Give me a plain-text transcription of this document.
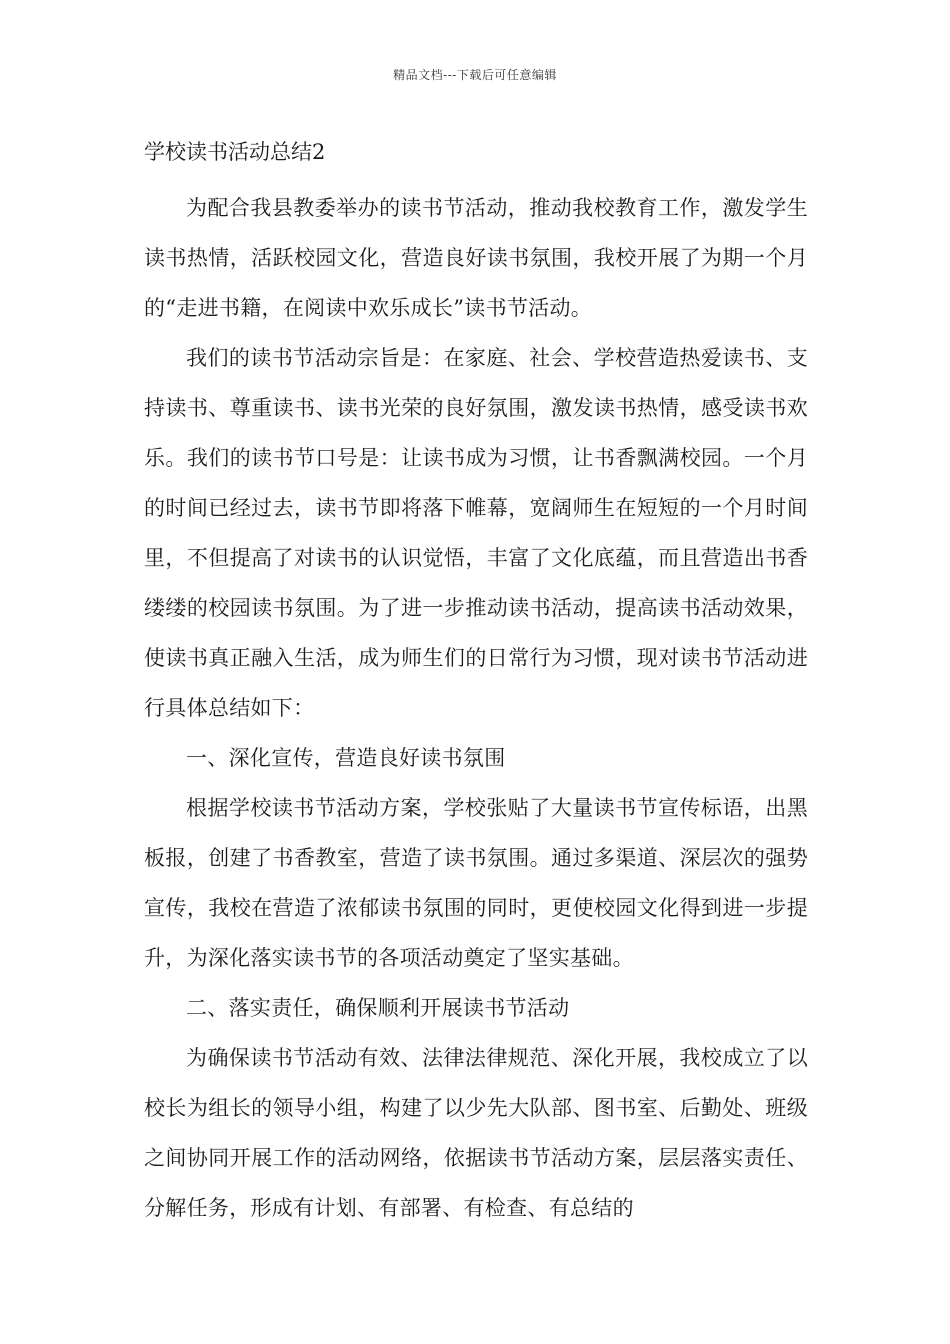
精品文档---下载后可任意编辑
学校读书活动总结2

为配合我县教委举办的读书节活动，推动我校教育工作，激发学生读书热情，活跃校园文化，营造良好读书氛围，我校开展了为期一个月的“走进书籍，在阅读中欢乐成长”读书节活动。

我们的读书节活动宗旨是：在家庭、社会、学校营造热爱读书、支持读书、尊重读书、读书光荣的良好氛围，激发读书热情，感受读书欢乐。我们的读书节口号是：让读书成为习惯，让书香飘满校园。一个月的时间已经过去，读书节即将落下帷幕，宽阔师生在短短的一个月时间里，不但提高了对读书的认识觉悟，丰富了文化底蕴，而且营造出书香缕缕的校园读书氛围。为了进一步推动读书活动，提高读书活动效果，使读书真正融入生活，成为师生们的日常行为习惯，现对读书节活动进行具体总结如下：

一、深化宣传，营造良好读书氛围

根据学校读书节活动方案，学校张贴了大量读书节宣传标语，出黑板报，创建了书香教室，营造了读书氛围。通过多渠道、深层次的强势宣传，我校在营造了浓郁读书氛围的同时，更使校园文化得到进一步提升，为深化落实读书节的各项活动奠定了坚实基础。

二、落实责任，确保顺利开展读书节活动

为确保读书节活动有效、法律法律规范、深化开展，我校成立了以校长为组长的领导小组，构建了以少先大队部、图书室、后勤处、班级之间协同开展工作的活动网络，依据读书节活动方案，层层落实责任、分解任务，形成有计划、有部署、有检查、有总结的
